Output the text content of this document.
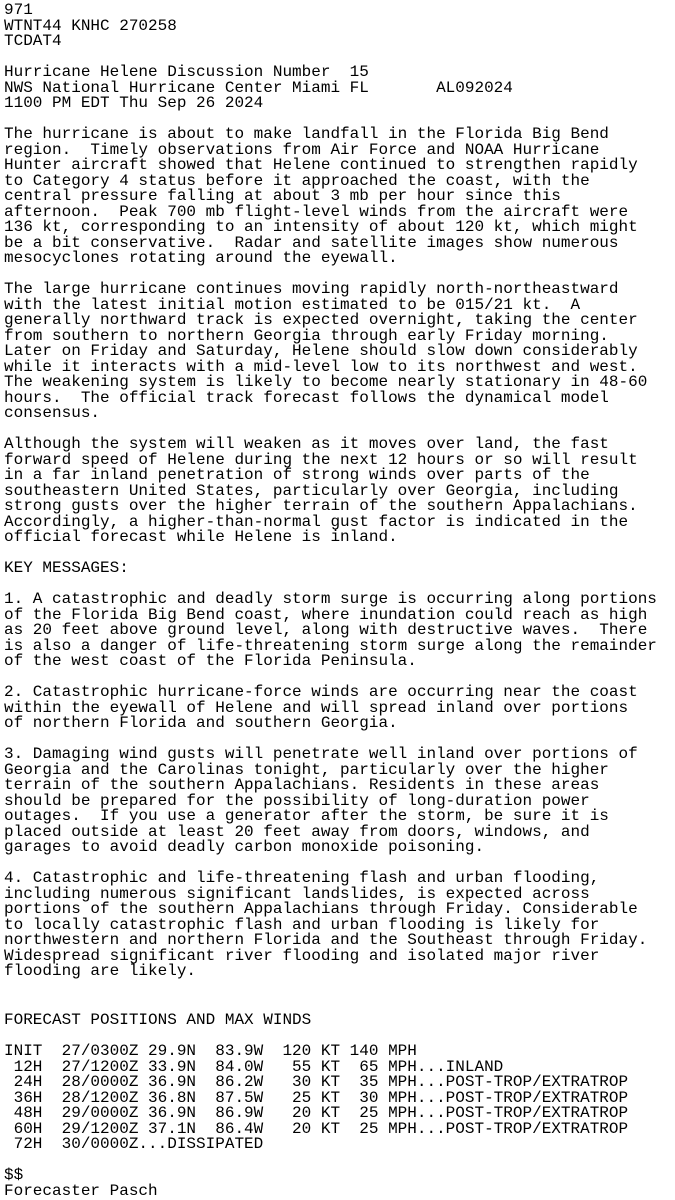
971
WTNT44 KNHC 270258
TCDAT4
Hurricane Helene Discussion Number  15
NWS National Hurricane Center Miami FL       AL092024
1100 PM EDT Thu Sep 26 2024
The hurricane is about to make landfall in the Florida Big Bend
region.  Timely observations from Air Force and NOAA Hurricane
Hunter aircraft showed that Helene continued to strengthen rapidly
to Category 4 status before it approached the coast, with the
central pressure falling at about 3 mb per hour since this
afternoon.  Peak 700 mb flight-level winds from the aircraft were
136 kt, corresponding to an intensity of about 120 kt, which might
be a bit conservative.  Radar and satellite images show numerous
mesocyclones rotating around the eyewall.
The large hurricane continues moving rapidly north-northeastward
with the latest initial motion estimated to be 015/21 kt.  A
generally northward track is expected overnight, taking the center
from southern to northern Georgia through early Friday morning.
Later on Friday and Saturday, Helene should slow down considerably
while it interacts with a mid-level low to its northwest and west.
The weakening system is likely to become nearly stationary in 48-60
hours.  The official track forecast follows the dynamical model
consensus.
Although the system will weaken as it moves over land, the fast
forward speed of Helene during the next 12 hours or so will result
in a far inland penetration of strong winds over parts of the
southeastern United States, particularly over Georgia, including
strong gusts over the higher terrain of the southern Appalachians.
Accordingly, a higher-than-normal gust factor is indicated in the
official forecast while Helene is inland.
KEY MESSAGES:
1. A catastrophic and deadly storm surge is occurring along portions
of the Florida Big Bend coast, where inundation could reach as high
as 20 feet above ground level, along with destructive waves.  There
is also a danger of life-threatening storm surge along the remainder
of the west coast of the Florida Peninsula.
2. Catastrophic hurricane-force winds are occurring near the coast
within the eyewall of Helene and will spread inland over portions
of northern Florida and southern Georgia.
3. Damaging wind gusts will penetrate well inland over portions of
Georgia and the Carolinas tonight, particularly over the higher
terrain of the southern Appalachians. Residents in these areas
should be prepared for the possibility of long-duration power
outages.  If you use a generator after the storm, be sure it is
placed outside at least 20 feet away from doors, windows, and
garages to avoid deadly carbon monoxide poisoning.
4. Catastrophic and life-threatening flash and urban flooding,
including numerous significant landslides, is expected across
portions of the southern Appalachians through Friday. Considerable
to locally catastrophic flash and urban flooding is likely for
northwestern and northern Florida and the Southeast through Friday.
Widespread significant river flooding and isolated major river
flooding are likely.
FORECAST POSITIONS AND MAX WINDS
INIT  27/0300Z 29.9N  83.9W  120 KT 140 MPH
12H  27/1200Z 33.9N  84.0W   55 KT  65 MPH...INLAND
24H  28/0000Z 36.9N  86.2W   30 KT  35 MPH...POST-TROP/EXTRATROP
36H  28/1200Z 36.8N  87.5W   25 KT  30 MPH...POST-TROP/EXTRATROP
48H  29/0000Z 36.9N  86.9W   20 KT  25 MPH...POST-TROP/EXTRATROP
60H  29/1200Z 37.1N  86.4W   20 KT  25 MPH...POST-TROP/EXTRATROP
72H  30/0000Z...DISSIPATED
$$
Forecaster Pasch
